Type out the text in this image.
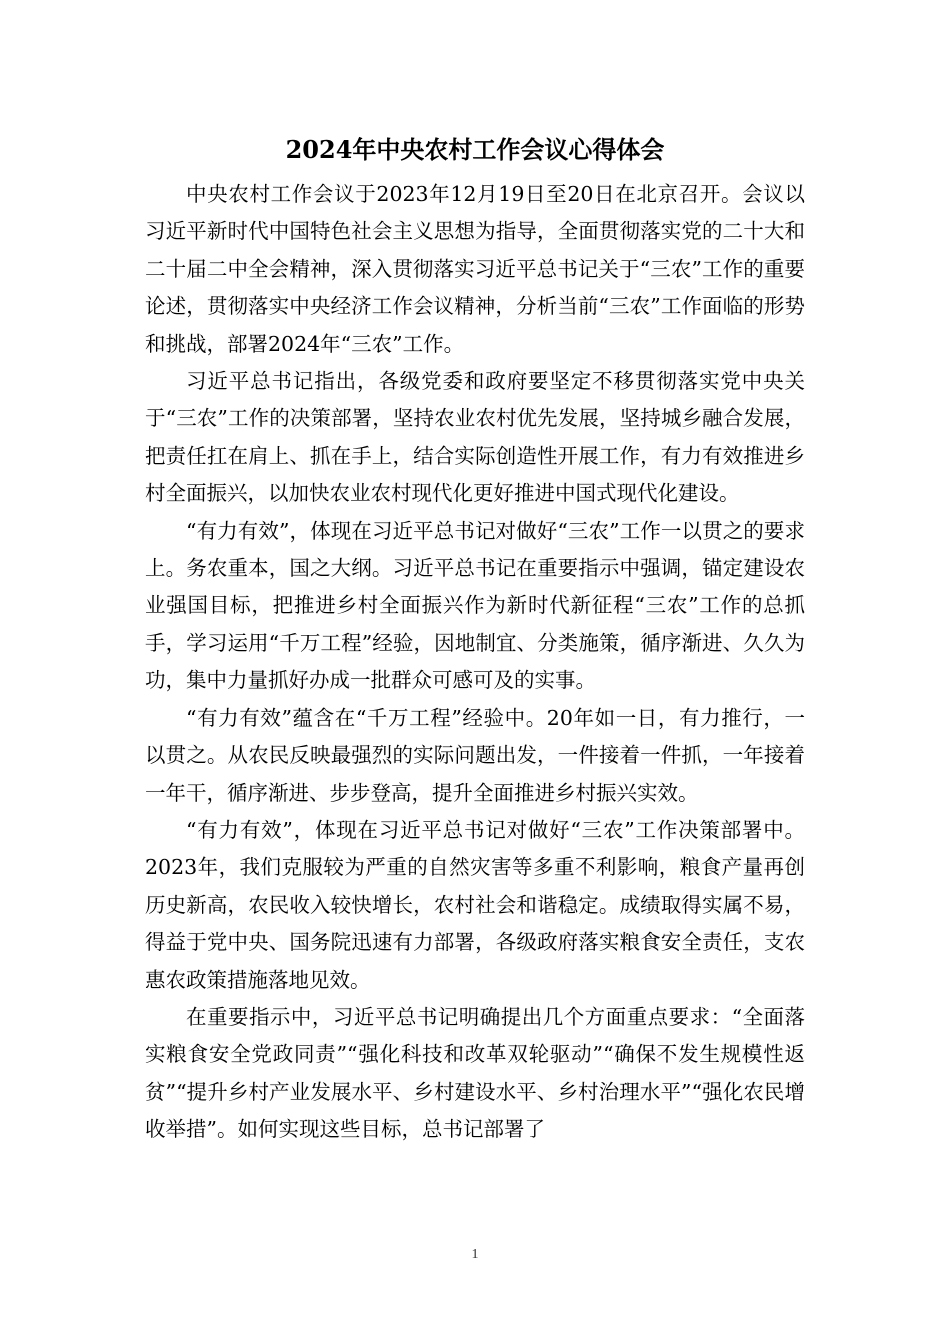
2024年中央农村工作会议心得体会

中央农村工作会议于2023年12月19日至20日在北京召开。会议以习近平新时代中国特色社会主义思想为指导，全面贯彻落实党的二十大和二十届二中全会精神，深入贯彻落实习近平总书记关于“三农”工作的重要论述，贯彻落实中央经济工作会议精神，分析当前“三农”工作面临的形势和挑战，部署2024年“三农”工作。

习近平总书记指出，各级党委和政府要坚定不移贯彻落实党中央关于“三农”工作的决策部署，坚持农业农村优先发展，坚持城乡融合发展，把责任扛在肩上、抓在手上，结合实际创造性开展工作，有力有效推进乡村全面振兴，以加快农业农村现代化更好推进中国式现代化建设。

“有力有效”，体现在习近平总书记对做好“三农”工作一以贯之的要求上。务农重本，国之大纲。习近平总书记在重要指示中强调，锚定建设农业强国目标，把推进乡村全面振兴作为新时代新征程“三农”工作的总抓手，学习运用“千万工程”经验，因地制宜、分类施策，循序渐进、久久为功，集中力量抓好办成一批群众可感可及的实事。

“有力有效”蕴含在“千万工程”经验中。20年如一日，有力推行，一以贯之。从农民反映最强烈的实际问题出发，一件接着一件抓，一年接着一年干，循序渐进、步步登高，提升全面推进乡村振兴实效。

“有力有效”，体现在习近平总书记对做好“三农”工作决策部署中。2023年，我们克服较为严重的自然灾害等多重不利影响，粮食产量再创历史新高，农民收入较快增长，农村社会和谐稳定。成绩取得实属不易，得益于党中央、国务院迅速有力部署，各级政府落实粮食安全责任，支农惠农政策措施落地见效。

在重要指示中，习近平总书记明确提出几个方面重点要求：“全面落实粮食安全党政同责”“强化科技和改革双轮驱动”“确保不发生规模性返贫”“提升乡村产业发展水平、乡村建设水平、乡村治理水平”“强化农民增收举措”。如何实现这些目标，总书记部署了

1
